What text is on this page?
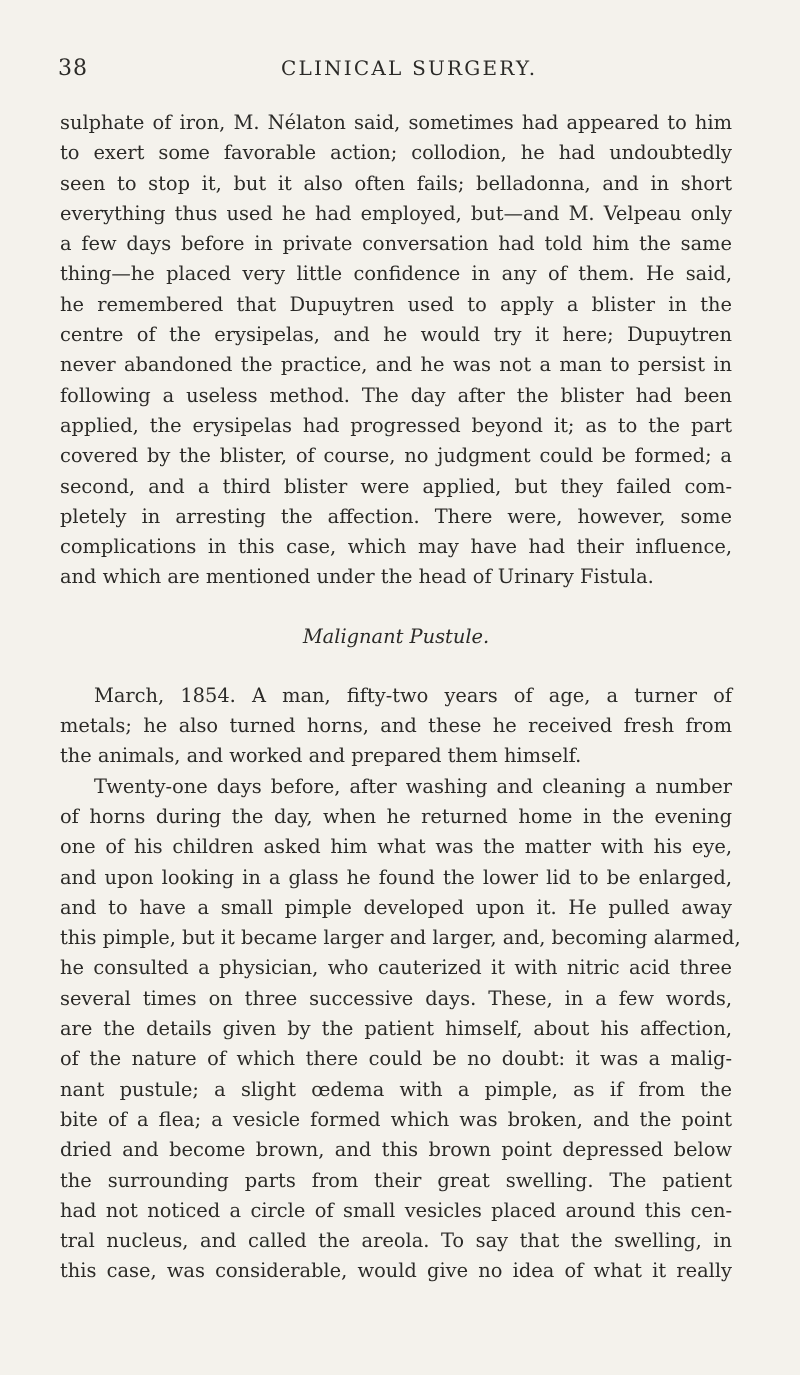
38	CLINICAL SURGERY.
sulphate of iron, M. Nélaton said, sometimes had appeared to him
to exert some favorable action; collodion, he had undoubtedly
seen to stop it, but it also often fails; belladonna, and in short
everything thus used he had employed, but—and M. Velpeau only
a few days before in private conversation had told him the same
thing—he placed very little confidence in any of them. He said,
he remembered that Dupuytren used to apply a blister in the
centre of the erysipelas, and he would try it here; Dupuytren
never abandoned the practice, and he was not a man to persist in
following a useless method. The day after the blister had been
applied, the erysipelas had progressed beyond it; as to the part
covered by the blister, of course, no judgment could be formed; a
second, and a third blister were applied, but they failed com-
pletely in arresting the affection. There were, however, some
complications in this case, which may have had their influence,
and which are mentioned under the head of Urinary Fistula.
Malignant Pustule.
March, 1854. A man, fifty-two years of age, a turner of
metals; he also turned horns, and these he received fresh from
the animals, and worked and prepared them himself.
Twenty-one days before, after washing and cleaning a number
of horns during the day, when he returned home in the evening
one of his children asked him what was the matter with his eye,
and upon looking in a glass he found the lower lid to be enlarged,
and to have a small pimple developed upon it. He pulled away
this pimple, but it became larger and larger, and, becoming alarmed,
he consulted a physician, who cauterized it with nitric acid three
several times on three successive days. These, in a few words,
are the details given by the patient himself, about his affection,
of the nature of which there could be no doubt: it was a malig-
nant pustule; a slight œdema with a pimple, as if from the
bite of a flea; a vesicle formed which was broken, and the point
dried and become brown, and this brown point depressed below
the surrounding parts from their great swelling. The patient
had not noticed a circle of small vesicles placed around this cen-
tral nucleus, and called the areola. To say that the swelling, in
this case, was considerable, would give no idea of what it really
